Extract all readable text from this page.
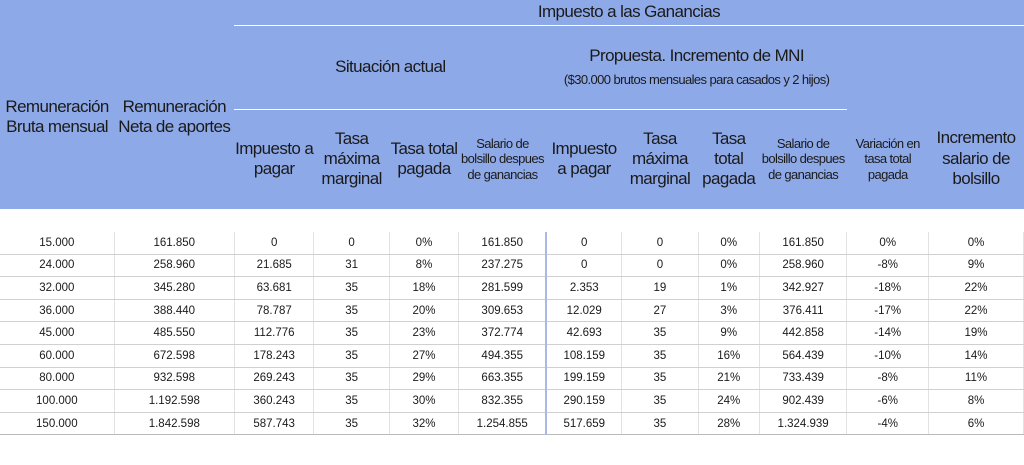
		Impuesto a las Ganancias									
Remuneración Bruta mensual	Remuneración Neta de aportes	Situación actual				Propuesta. Incremento de MNI
($30.000 brutos mensuales para casados y 2 hijos)					

		Impuesto a pagar	Tasa máxima marginal	Tasa total pagada	Salario de bolsillo despues de ganancias	Impuesto a pagar	Tasa máxima marginal	Tasa total pagada	Salario de bolsillo despues de ganancias	Variación en tasa total pagada	Incremento salario de bolsillo

15.000	161.850	0	0	0%	161.850	0	0	0%	161.850	0%	0%
24.000	258.960	21.685	31	8%	237.275	0	0	0%	258.960	-8%	9%
32.000	345.280	63.681	35	18%	281.599	2.353	19	1%	342.927	-18%	22%
36.000	388.440	78.787	35	20%	309.653	12.029	27	3%	376.411	-17%	22%
45.000	485.550	112.776	35	23%	372.774	42.693	35	9%	442.858	-14%	19%
60.000	672.598	178.243	35	27%	494.355	108.159	35	16%	564.439	-10%	14%
80.000	932.598	269.243	35	29%	663.355	199.159	35	21%	733.439	-8%	11%
100.000	1.192.598	360.243	35	30%	832.355	290.159	35	24%	902.439	-6%	8%
150.000	1.842.598	587.743	35	32%	1.254.855	517.659	35	28%	1.324.939	-4%	6%
